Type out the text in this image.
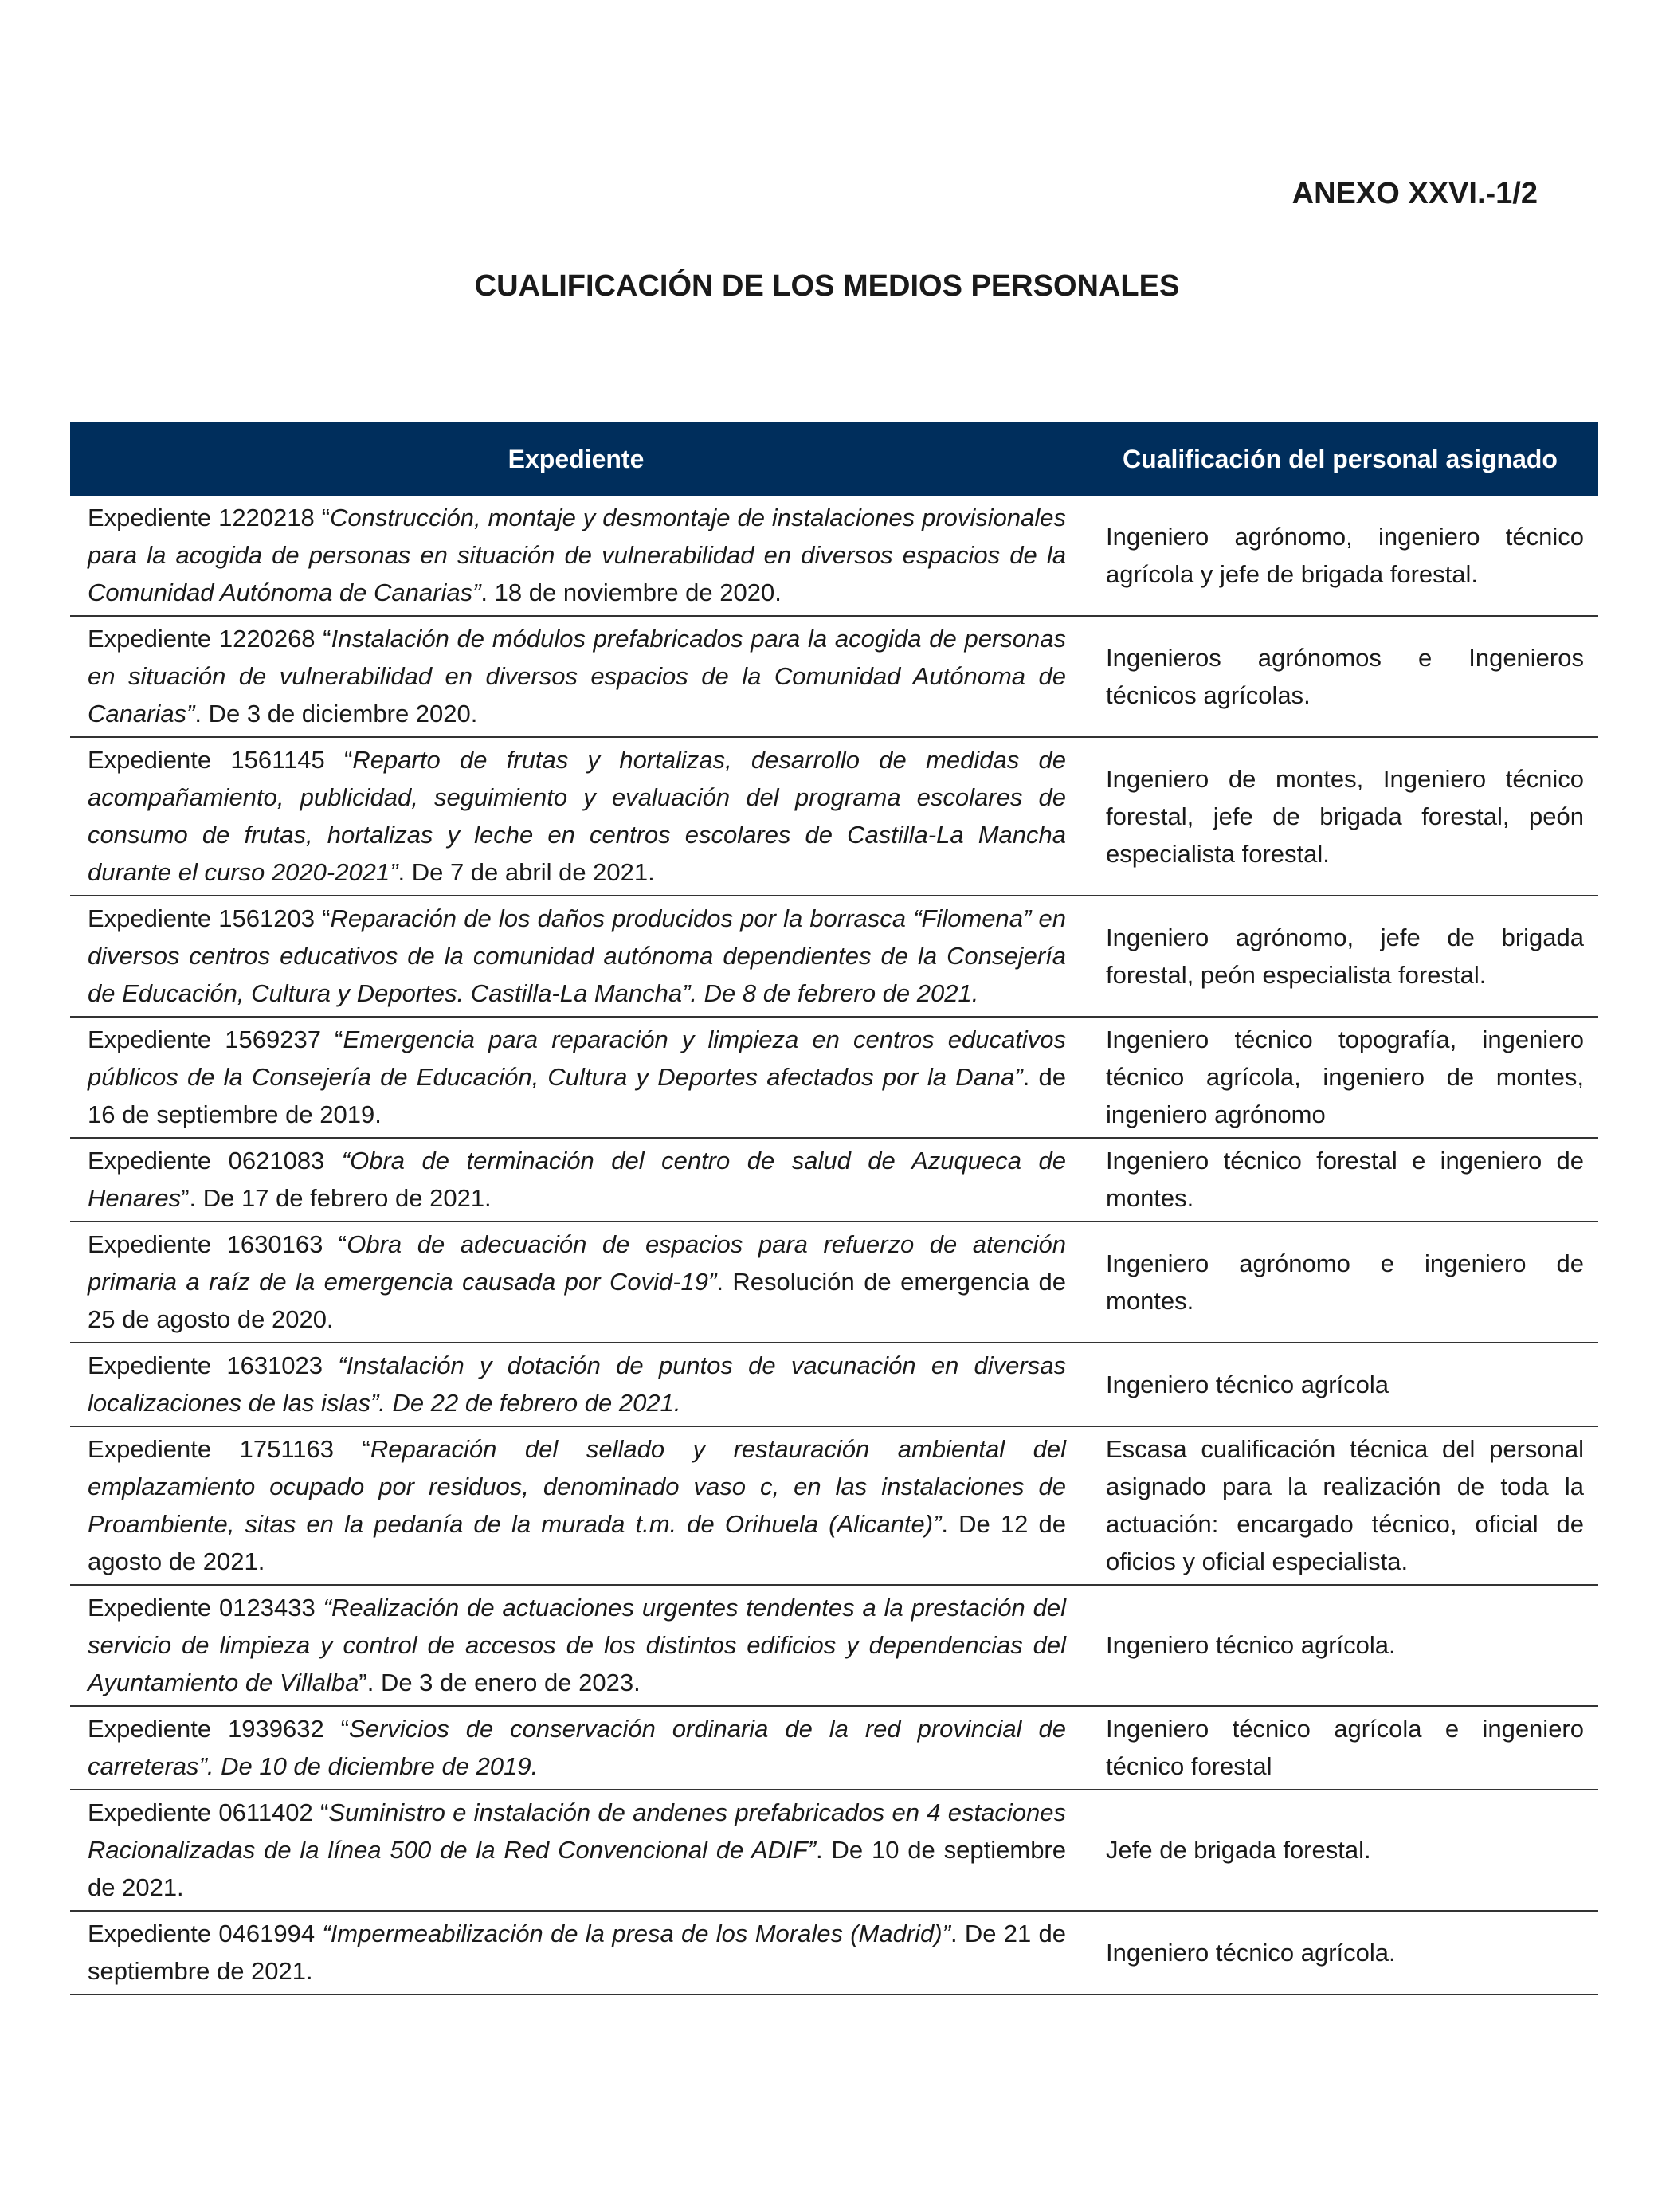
ANEXO XXVI.-1/2
CUALIFICACIÓN DE LOS MEDIOS PERSONALES
Expediente	Cualificación del personal asignado
Expediente 1220218 “Construcción, montaje y desmontaje de instalaciones provisionales para la acogida de personas en situación de vulnerabilidad en diversos espacios de la Comunidad Autónoma de Canarias”. 18 de noviembre de 2020.	Ingeniero agrónomo, ingeniero técnico agrícola y jefe de brigada forestal.
Expediente 1220268 “Instalación de módulos prefabricados para la acogida de personas en situación de vulnerabilidad en diversos espacios de la Comunidad Autónoma de Canarias”. De 3 de diciembre 2020.	Ingenieros agrónomos e Ingenieros técnicos agrícolas.
Expediente 1561145 “Reparto de frutas y hortalizas, desarrollo de medidas de acompañamiento, publicidad, seguimiento y evaluación del programa escolares de consumo de frutas, hortalizas y leche en centros escolares de Castilla-La Mancha durante el curso 2020-2021”. De 7 de abril de 2021.	Ingeniero de montes, Ingeniero técnico forestal, jefe de brigada forestal, peón especialista forestal.
Expediente 1561203 “Reparación de los daños producidos por la borrasca “Filomena” en diversos centros educativos de la comunidad autónoma dependientes de la Consejería de Educación, Cultura y Deportes. Castilla-La Mancha”. De 8 de febrero de 2021.	Ingeniero agrónomo, jefe de brigada forestal, peón especialista forestal.
Expediente 1569237 “Emergencia para reparación y limpieza en centros educativos públicos de la Consejería de Educación, Cultura y Deportes afectados por la Dana”. de 16 de septiembre de 2019.	Ingeniero técnico topografía, ingeniero técnico agrícola, ingeniero de montes, ingeniero agrónomo
Expediente 0621083 “Obra de terminación del centro de salud de Azuqueca de Henares”. De 17 de febrero de 2021.	Ingeniero técnico forestal e ingeniero de montes.
Expediente 1630163 “Obra de adecuación de espacios para refuerzo de atención primaria a raíz de la emergencia causada por Covid-19”. Resolución de emergencia de 25 de agosto de 2020.	Ingeniero agrónomo e ingeniero de montes.
Expediente 1631023 “Instalación y dotación de puntos de vacunación en diversas localizaciones de las islas”. De 22 de febrero de 2021.	Ingeniero técnico agrícola
Expediente 1751163 “Reparación del sellado y restauración ambiental del emplazamiento ocupado por residuos, denominado vaso c, en las instalaciones de Proambiente, sitas en la pedanía de la murada t.m. de Orihuela (Alicante)”. De 12 de agosto de 2021.	Escasa cualificación técnica del personal asignado para la realización de toda la actuación: encargado técnico, oficial de oficios y oficial especialista.
Expediente 0123433 “Realización de actuaciones urgentes tendentes a la prestación del servicio de limpieza y control de accesos de los distintos edificios y dependencias del Ayuntamiento de Villalba”. De 3 de enero de 2023.	Ingeniero técnico agrícola.
Expediente 1939632 “Servicios de conservación ordinaria de la red provincial de carreteras”. De 10 de diciembre de 2019.	Ingeniero técnico agrícola e ingeniero técnico forestal
Expediente 0611402 “Suministro e instalación de andenes prefabricados en 4 estaciones Racionalizadas de la línea 500 de la Red Convencional de ADIF”. De 10 de septiembre de 2021.	Jefe de brigada forestal.
Expediente 0461994 “Impermeabilización de la presa de los Morales (Madrid)”. De 21 de septiembre de 2021.	Ingeniero técnico agrícola.
